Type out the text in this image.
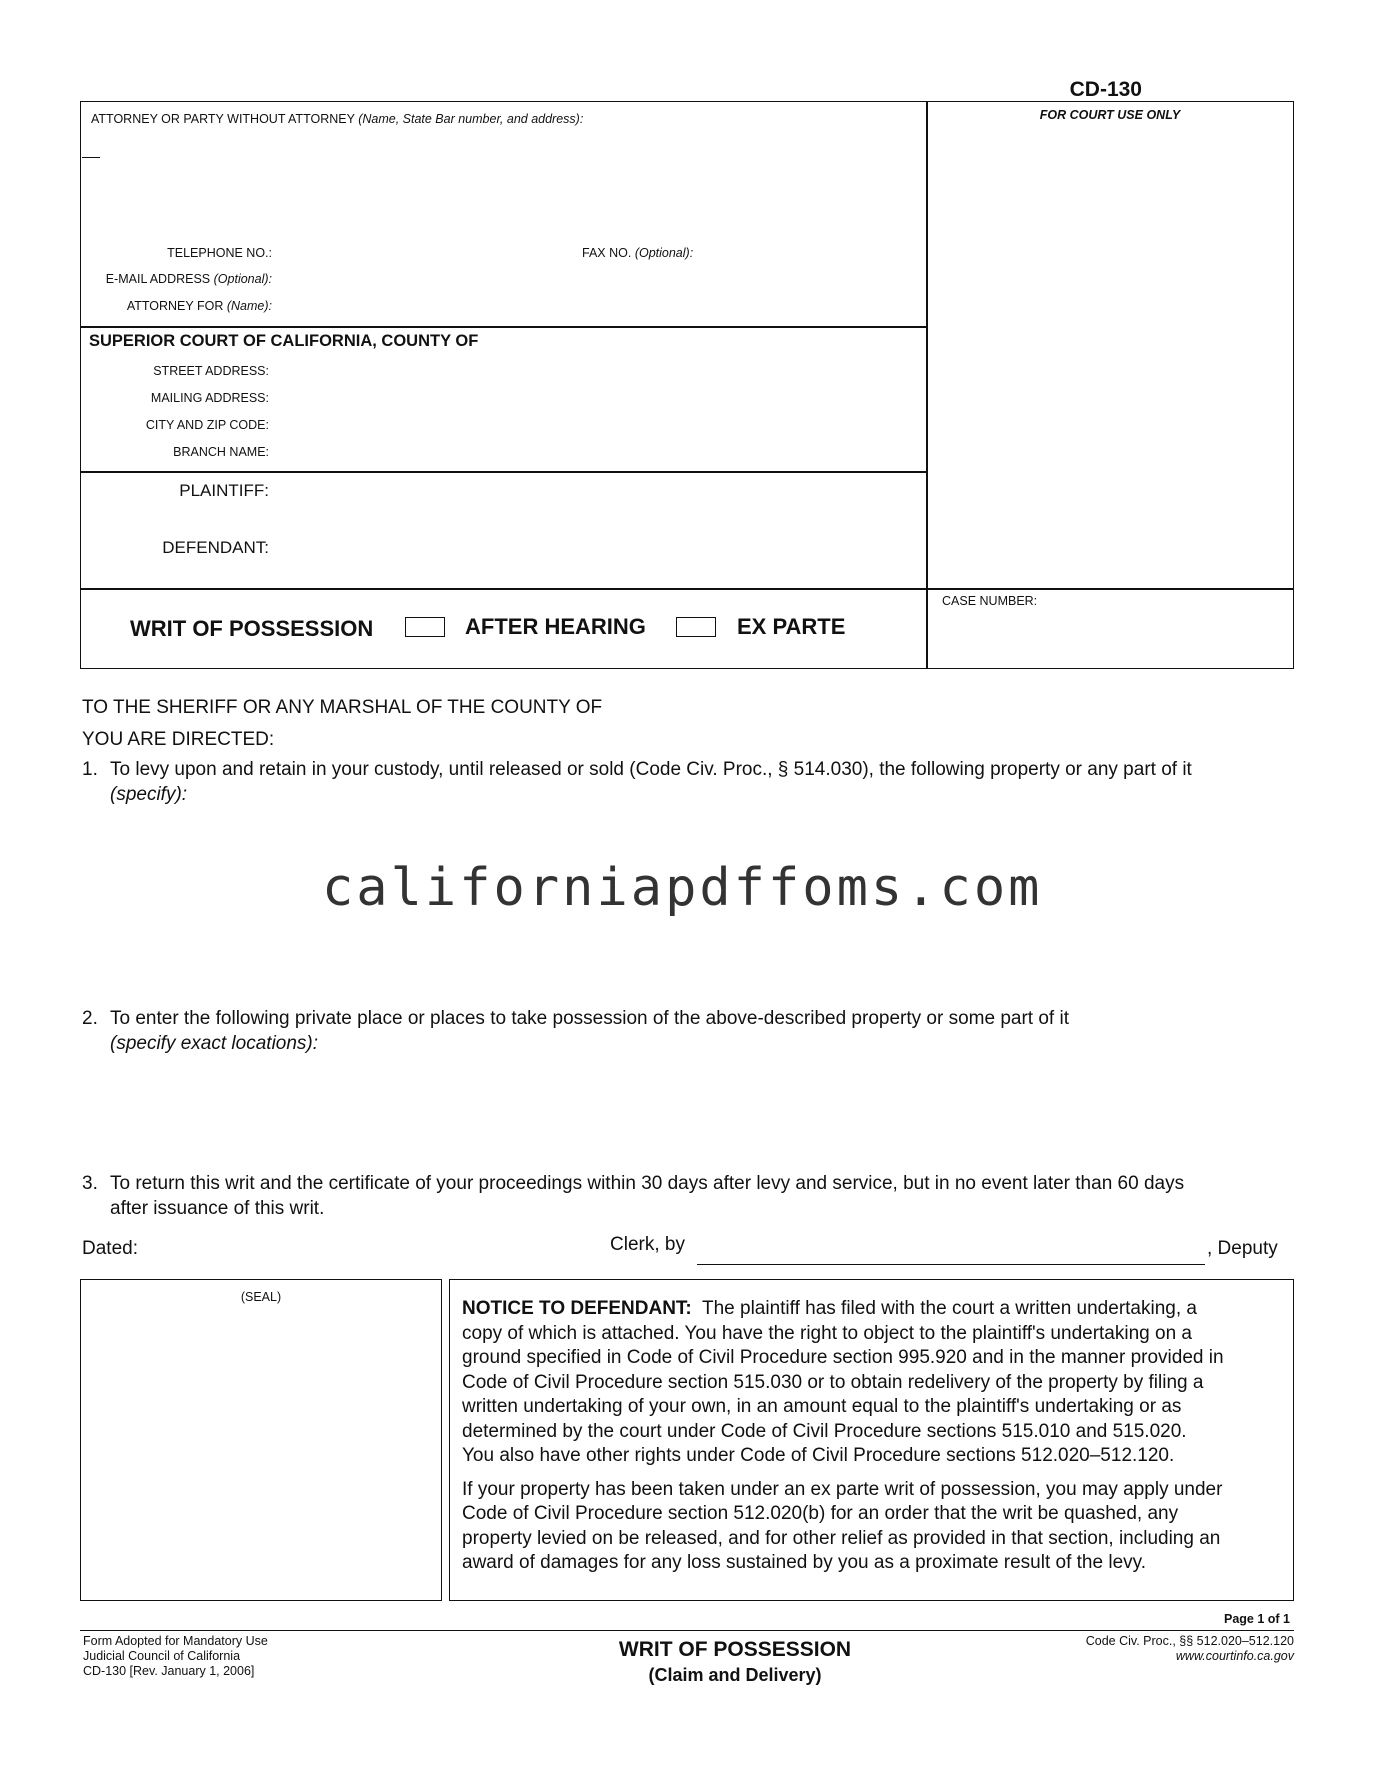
CD-130
ATTORNEY OR PARTY WITHOUT ATTORNEY (Name, State Bar number, and address):
TELEPHONE NO.:	FAX NO. (Optional):
E-MAIL ADDRESS (Optional):
ATTORNEY FOR (Name):
FOR COURT USE ONLY
SUPERIOR COURT OF CALIFORNIA, COUNTY OF
STREET ADDRESS:
MAILING ADDRESS:
CITY AND ZIP CODE:
BRANCH NAME:
PLAINTIFF:
DEFENDANT:
WRIT OF POSSESSION	AFTER HEARING	EX PARTE
CASE NUMBER:
TO THE SHERIFF OR ANY MARSHAL OF THE COUNTY OF
YOU ARE DIRECTED:
1. To levy upon and retain in your custody, until released or sold (Code Civ. Proc., § 514.030), the following property or any part of it
(specify):
californiapdffoms.com
2. To enter the following private place or places to take possession of the above-described property or some part of it
(specify exact locations):
3. To return this writ and the certificate of your proceedings within 30 days after levy and service, but in no event later than 60 days
after issuance of this writ.
Dated:	Clerk, by	, Deputy
(SEAL)
NOTICE TO DEFENDANT: The plaintiff has filed with the court a written undertaking, a
copy of which is attached. You have the right to object to the plaintiff's undertaking on a
ground specified in Code of Civil Procedure section 995.920 and in the manner provided in
Code of Civil Procedure section 515.030 or to obtain redelivery of the property by filing a
written undertaking of your own, in an amount equal to the plaintiff's undertaking or as
determined by the court under Code of Civil Procedure sections 515.010 and 515.020.
You also have other rights under Code of Civil Procedure sections 512.020–512.120.
If your property has been taken under an ex parte writ of possession, you may apply under
Code of Civil Procedure section 512.020(b) for an order that the writ be quashed, any
property levied on be released, and for other relief as provided in that section, including an
award of damages for any loss sustained by you as a proximate result of the levy.
Page 1 of 1
Form Adopted for Mandatory Use
Judicial Council of California
CD-130 [Rev. January 1, 2006]
WRIT OF POSSESSION
(Claim and Delivery)
Code Civ. Proc., §§ 512.020–512.120
www.courtinfo.ca.gov
